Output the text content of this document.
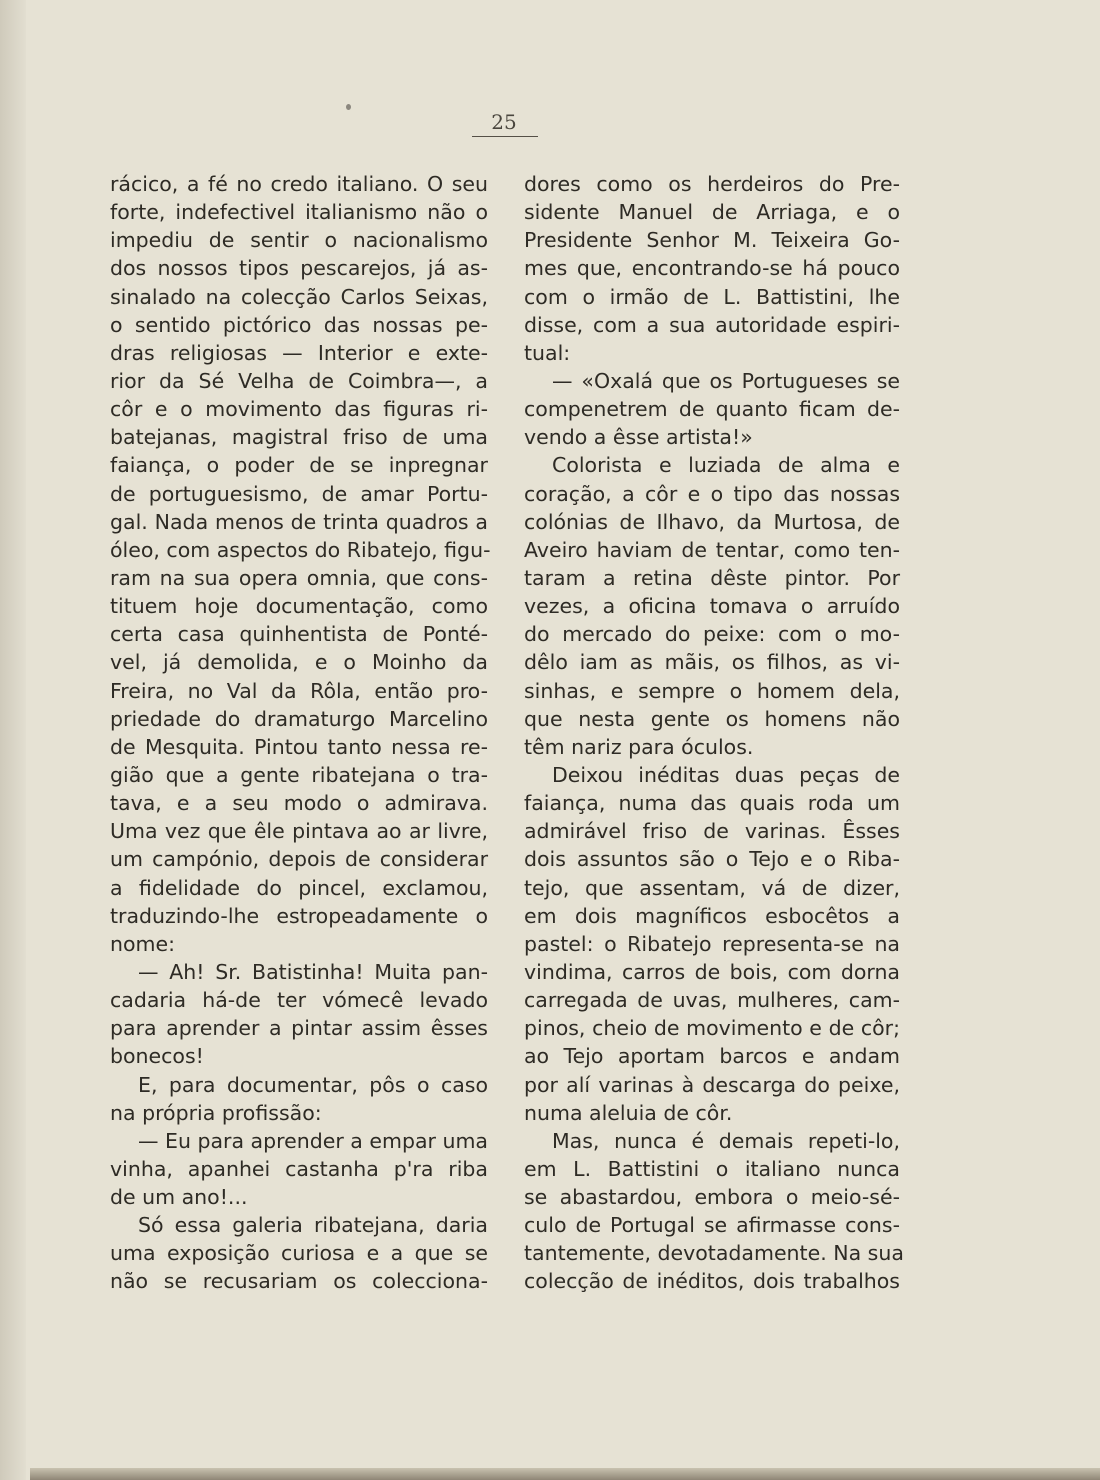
25
rácico, a fé no credo italiano. O seu
forte, indefectivel italianismo não o
impediu de sentir o nacionalismo
dos nossos tipos pescarejos, já as-
sinalado na colecção Carlos Seixas,
o sentido pictórico das nossas pe-
dras religiosas — Interior e exte-
rior da Sé Velha de Coimbra—, a
côr e o movimento das figuras ri-
batejanas, magistral friso de uma
faiança, o poder de se inpregnar
de portuguesismo, de amar Portu-
gal. Nada menos de trinta quadros a
óleo, com aspectos do Ribatejo, figu-
ram na sua opera omnia, que cons-
tituem hoje documentação, como
certa casa quinhentista de Ponté-
vel, já demolida, e o Moinho da
Freira, no Val da Rôla, então pro-
priedade do dramaturgo Marcelino
de Mesquita. Pintou tanto nessa re-
gião que a gente ribatejana o tra-
tava, e a seu modo o admirava.
Uma vez que êle pintava ao ar livre,
um campónio, depois de considerar
a fidelidade do pincel, exclamou,
traduzindo-lhe estropeadamente o
nome:
— Ah! Sr. Batistinha! Muita pan-
cadaria há-de ter vómecê levado
para aprender a pintar assim êsses
bonecos!
E, para documentar, pôs o caso
na própria profissão:
— Eu para aprender a empar uma
vinha, apanhei castanha p'ra riba
de um ano!...
Só essa galeria ribatejana, daria
uma exposição curiosa e a que se
não se recusariam os colecciona-
dores como os herdeiros do Pre-
sidente Manuel de Arriaga, e o
Presidente Senhor M. Teixeira Go-
mes que, encontrando-se há pouco
com o irmão de L. Battistini, lhe
disse, com a sua autoridade espiri-
tual:
— «Oxalá que os Portugueses se
compenetrem de quanto ficam de-
vendo a êsse artista!»
Colorista e luziada de alma e
coração, a côr e o tipo das nossas
colónias de Ilhavo, da Murtosa, de
Aveiro haviam de tentar, como ten-
taram a retina dêste pintor. Por
vezes, a oficina tomava o arruído
do mercado do peixe: com o mo-
dêlo iam as mãis, os filhos, as vi-
sinhas, e sempre o homem dela,
que nesta gente os homens não
têm nariz para óculos.
Deixou inéditas duas peças de
faiança, numa das quais roda um
admirável friso de varinas. Êsses
dois assuntos são o Tejo e o Riba-
tejo, que assentam, vá de dizer,
em dois magníficos esbocêtos a
pastel: o Ribatejo representa-se na
vindima, carros de bois, com dorna
carregada de uvas, mulheres, cam-
pinos, cheio de movimento e de côr;
ao Tejo aportam barcos e andam
por alí varinas à descarga do peixe,
numa aleluia de côr.
Mas, nunca é demais repeti-lo,
em L. Battistini o italiano nunca
se abastardou, embora o meio-sé-
culo de Portugal se afirmasse cons-
tantemente, devotadamente. Na sua
colecção de inéditos, dois trabalhos
